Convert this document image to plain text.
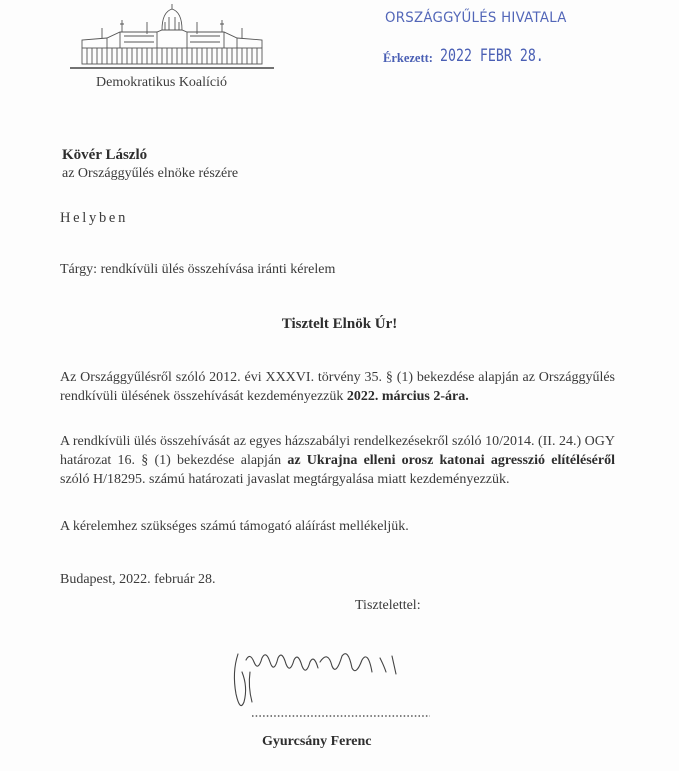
Demokratikus Koalíció
ORSZÁGGYŰLÉS HIVATALA
Érkezett: 2022 FEBR 28.
Kövér László
az Országgyűlés elnöke részére
Helyben
Tárgy: rendkívüli ülés összehívása iránti kérelem
Tisztelt Elnök Úr!
Az Országgyűlésről szóló 2012. évi XXXVI. törvény 35. § (1) bekezdése alapján az Országgyűlés rendkívüli ülésének összehívását kezdeményezzük 2022. március 2-ára.
A rendkívüli ülés összehívását az egyes házszabályi rendelkezésekről szóló 10/2014. (II. 24.) OGY határozat 16. § (1) bekezdése alapján az Ukrajna elleni orosz katonai agresszió elítéléséről szóló H/18295. számú határozati javaslat megtárgyalása miatt kezdeményezzük.
A kérelemhez szükséges számú támogató aláírást mellékeljük.
Budapest, 2022. február 28.
Tisztelettel:
Gyurcsány Ferenc
